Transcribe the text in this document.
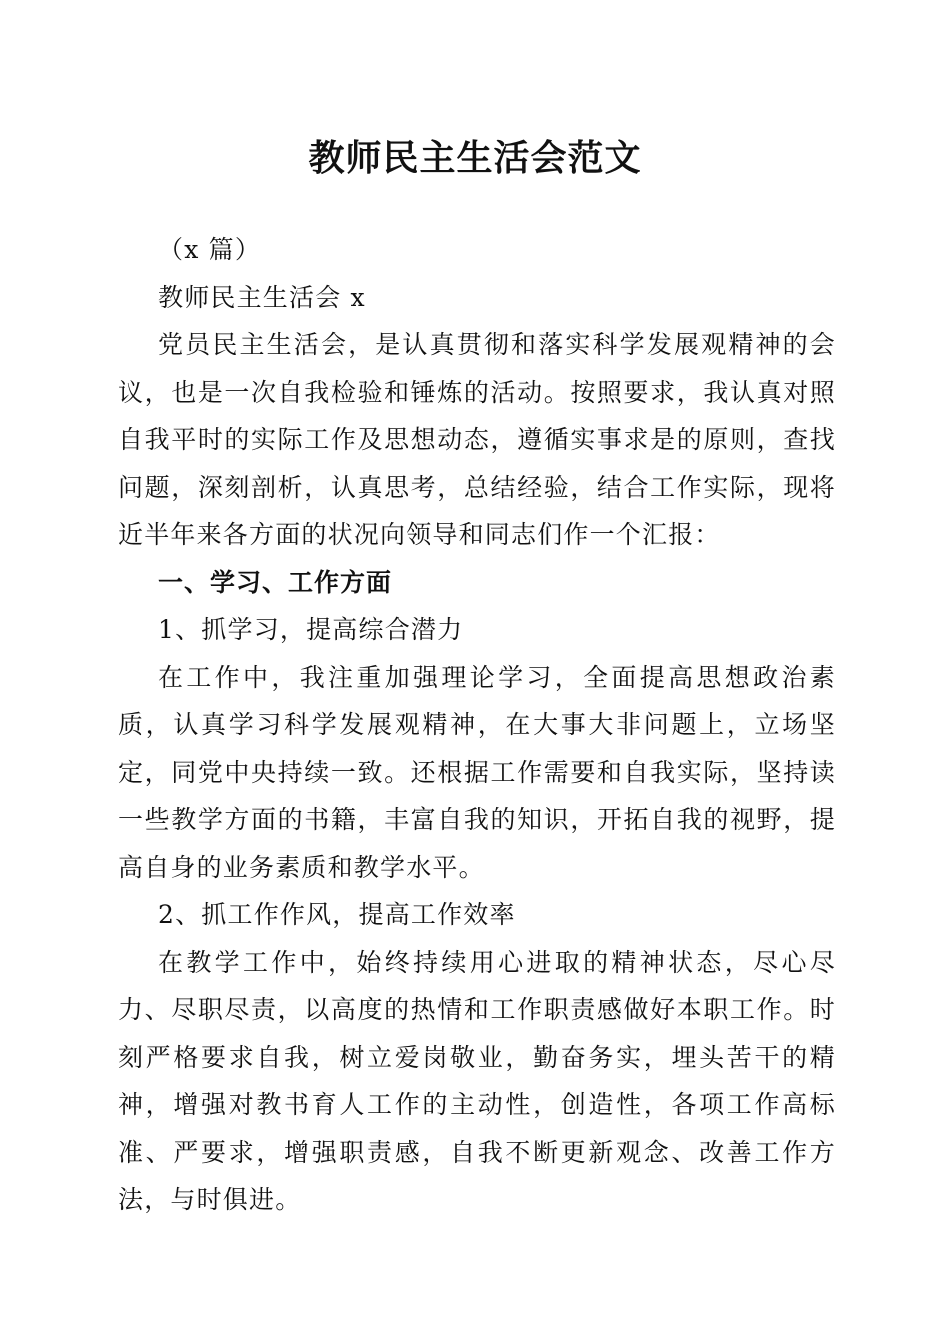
教师民主生活会范文

（x 篇）

教师民主生活会 x

党员民主生活会，是认真贯彻和落实科学发展观精神的会议，也是一次自我检验和锤炼的活动。按照要求，我认真对照自我平时的实际工作及思想动态，遵循实事求是的原则，查找问题，深刻剖析，认真思考，总结经验，结合工作实际，现将近半年来各方面的状况向领导和同志们作一个汇报：

一、学习、工作方面

1、抓学习，提高综合潜力

在工作中，我注重加强理论学习，全面提高思想政治素质，认真学习科学发展观精神，在大事大非问题上，立场坚定，同党中央持续一致。还根据工作需要和自我实际，坚持读一些教学方面的书籍，丰富自我的知识，开拓自我的视野，提高自身的业务素质和教学水平。

2、抓工作作风，提高工作效率

在教学工作中，始终持续用心进取的精神状态，尽心尽力、尽职尽责，以高度的热情和工作职责感做好本职工作。时刻严格要求自我，树立爱岗敬业，勤奋务实，埋头苦干的精神，增强对教书育人工作的主动性，创造性，各项工作高标准、严要求，增强职责感，自我不断更新观念、改善工作方法，与时俱进。
